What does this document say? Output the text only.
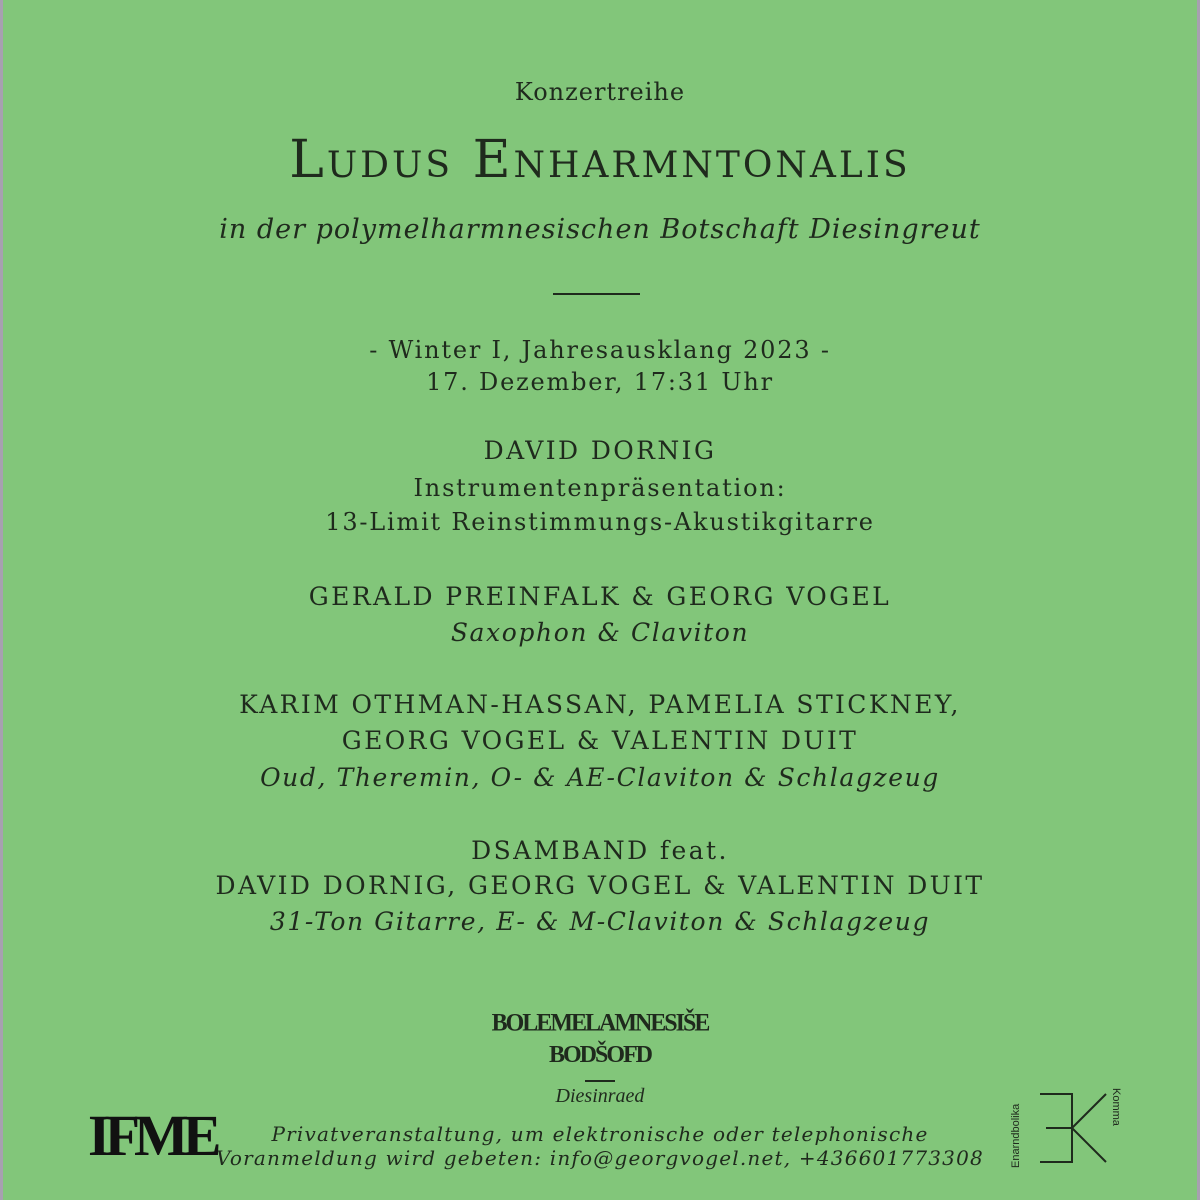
Konzertreihe
Ludus Enharmntonalis
in der polymelharmnesischen Botschaft Diesingreut
- Winter I, Jahresausklang 2023 -
17. Dezember, 17:31 Uhr
DAVID DORNIG
Instrumentenpräsentation:
13-Limit Reinstimmungs-Akustikgitarre
GERALD PREINFALK & GEORG VOGEL
Saxophon & Claviton
KARIM OTHMAN-HASSAN, PAMELIA STICKNEY,
GEORG VOGEL & VALENTIN DUIT
Oud, Theremin, O- & AE-Claviton & Schlagzeug
DSAMBAND feat.
DAVID DORNIG, GEORG VOGEL & VALENTIN DUIT
31-Ton Gitarre, E- & M-Claviton & Schlagzeug
BOLEMELAMNESIŠE
BODŠOFD
Diesinraed
Privatveranstaltung, um elektronische oder telephonische
Voranmeldung wird gebeten: info@georgvogel.net, +436601773308
IFME	Enarndbolika	Komma
